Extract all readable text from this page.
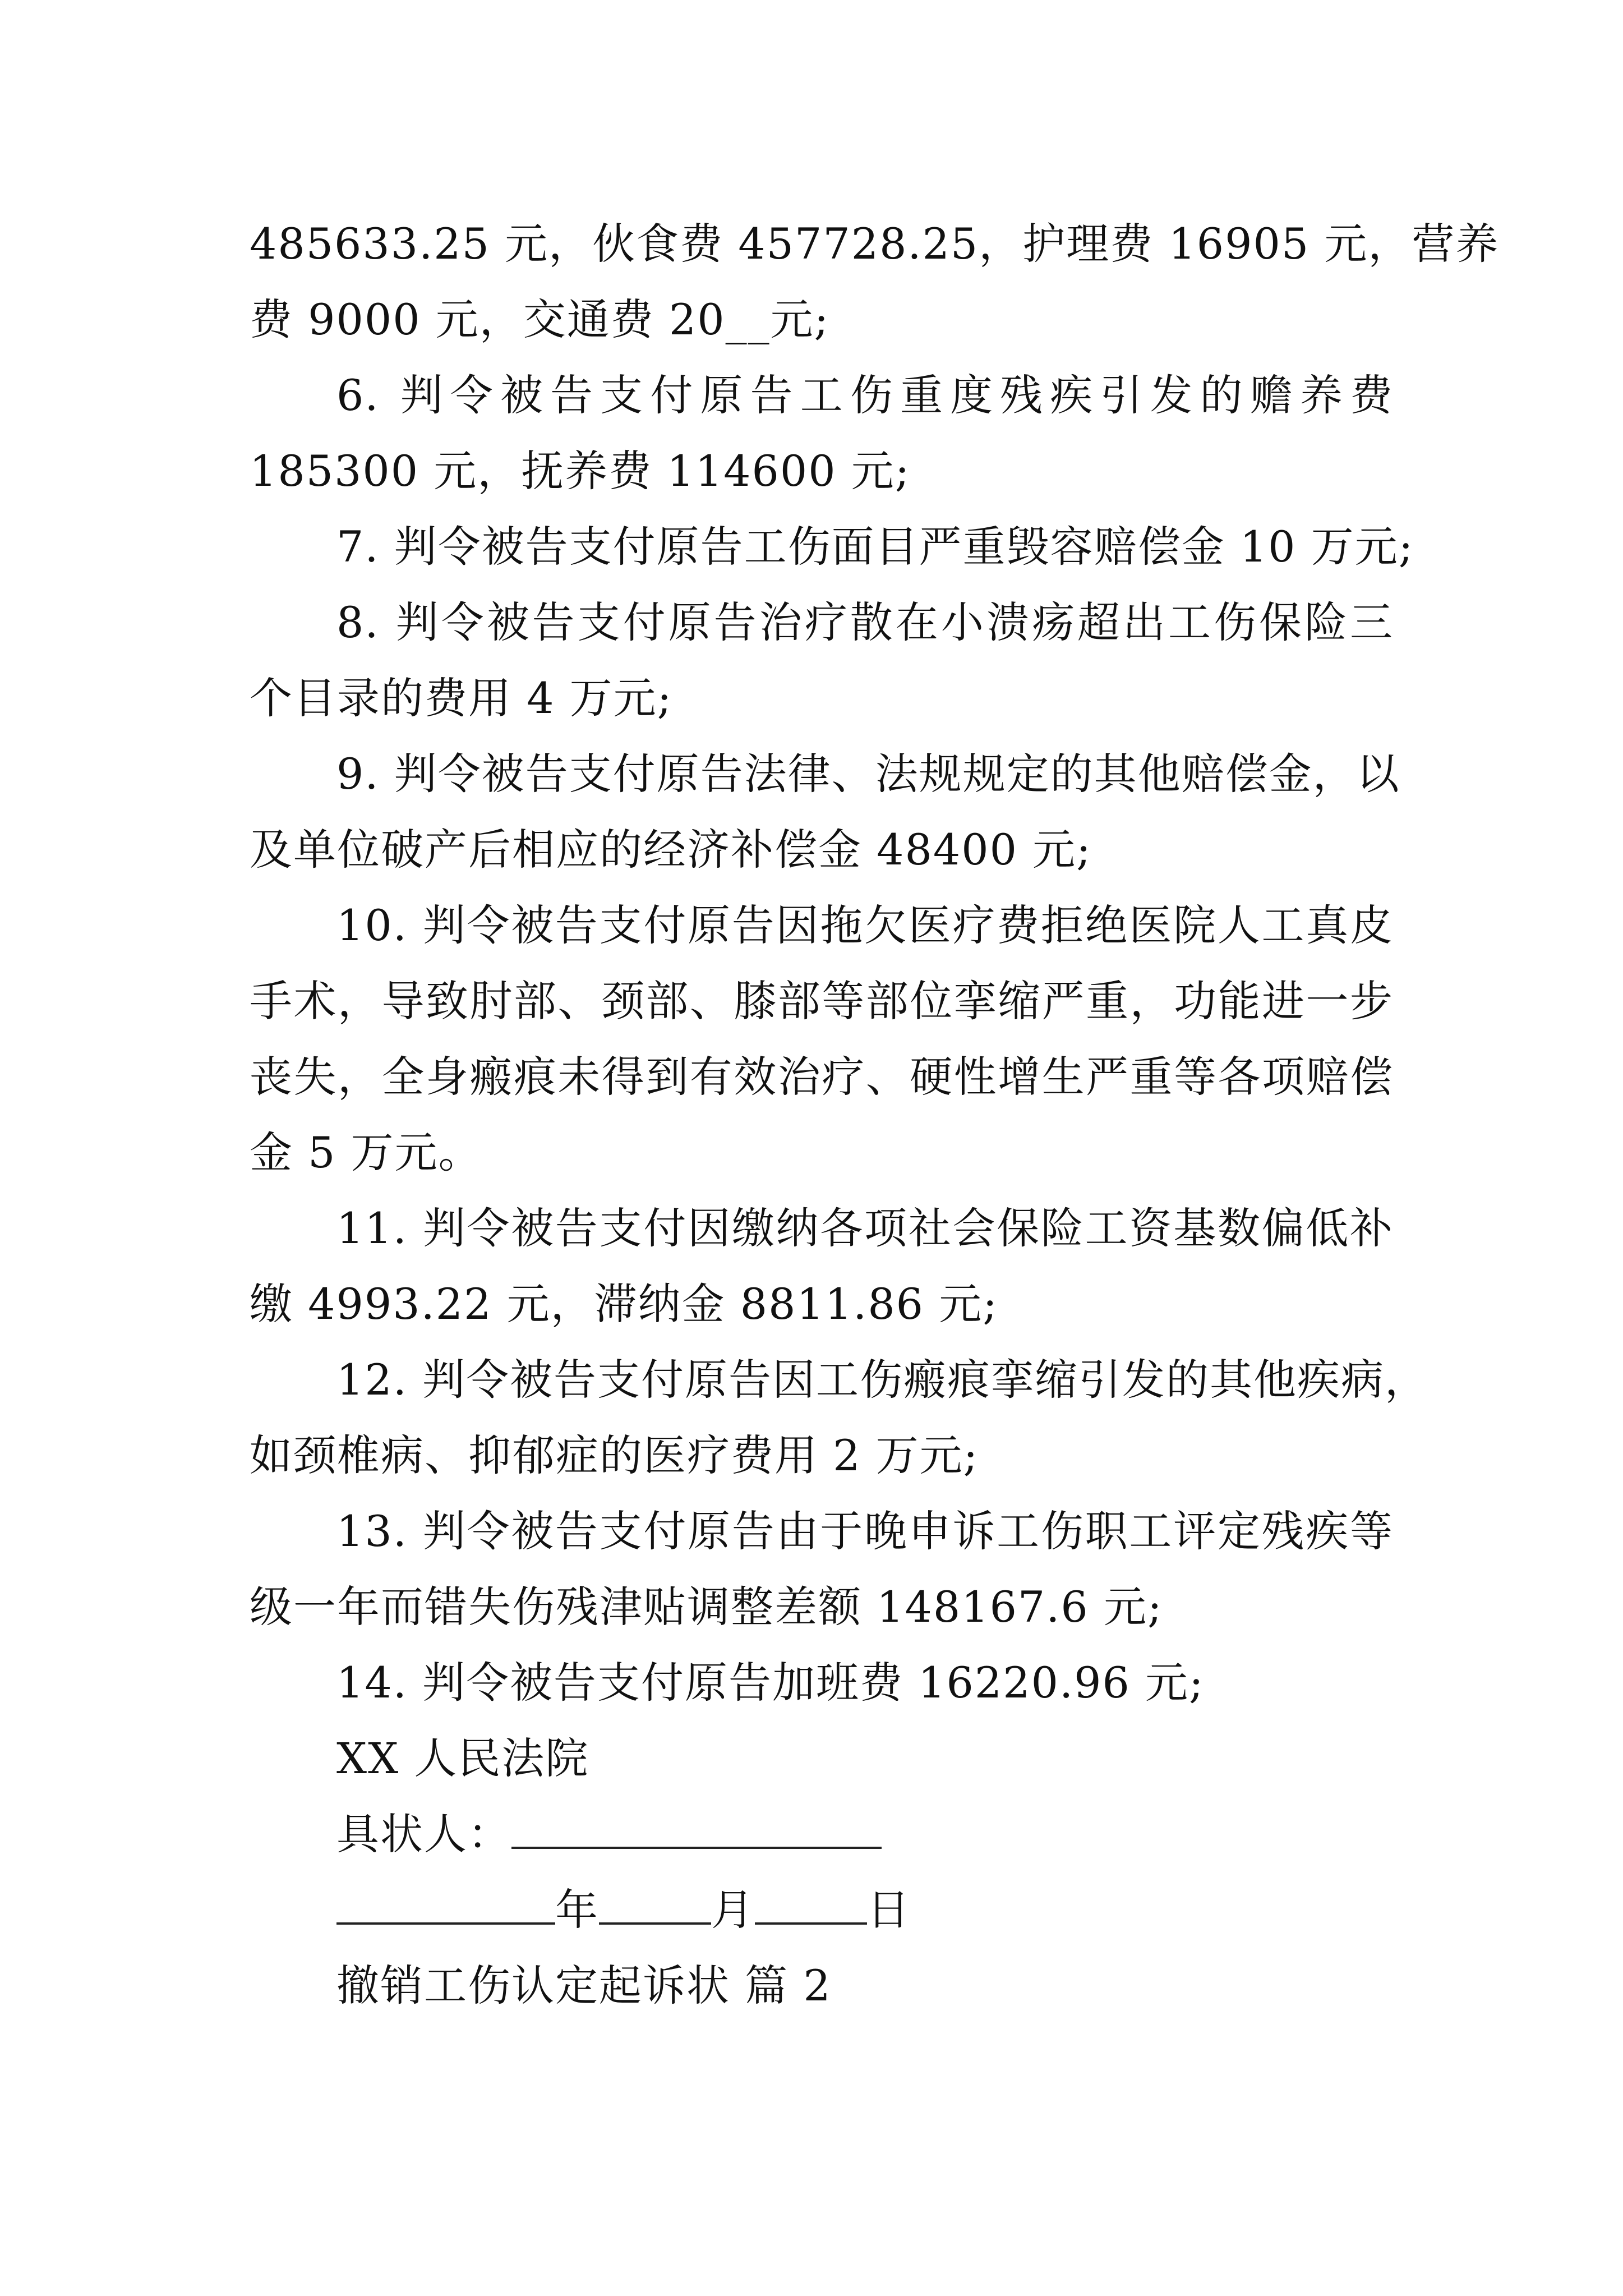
485633.25 元，伙食费 457728.25，护理费 16905 元，营养
费 9000 元，交通费 20__元;
6. 判令被告支付原告工伤重度残疾引发的赡养费
185300 元，抚养费 114600 元;
7. 判令被告支付原告工伤面目严重毁容赔偿金 10 万元;
8. 判令被告支付原告治疗散在小溃疡超出工伤保险三
个目录的费用 4 万元;
9. 判令被告支付原告法律、法规规定的其他赔偿金，以
及单位破产后相应的经济补偿金 48400 元;
10. 判令被告支付原告因拖欠医疗费拒绝医院人工真皮
手术，导致肘部、颈部、膝部等部位挛缩严重，功能进一步
丧失，全身瘢痕未得到有效治疗、硬性增生严重等各项赔偿
金 5 万元。
11. 判令被告支付因缴纳各项社会保险工资基数偏低补
缴 4993.22 元，滞纳金 8811.86 元;
12. 判令被告支付原告因工伤瘢痕挛缩引发的其他疾病，
如颈椎病、抑郁症的医疗费用 2 万元;
13. 判令被告支付原告由于晚申诉工伤职工评定残疾等
级一年而错失伤残津贴调整差额 148167.6 元;
14. 判令被告支付原告加班费 16220.96 元;
XX 人民法院
具状人：
年	月	日
撤销工伤认定起诉状 篇 2
